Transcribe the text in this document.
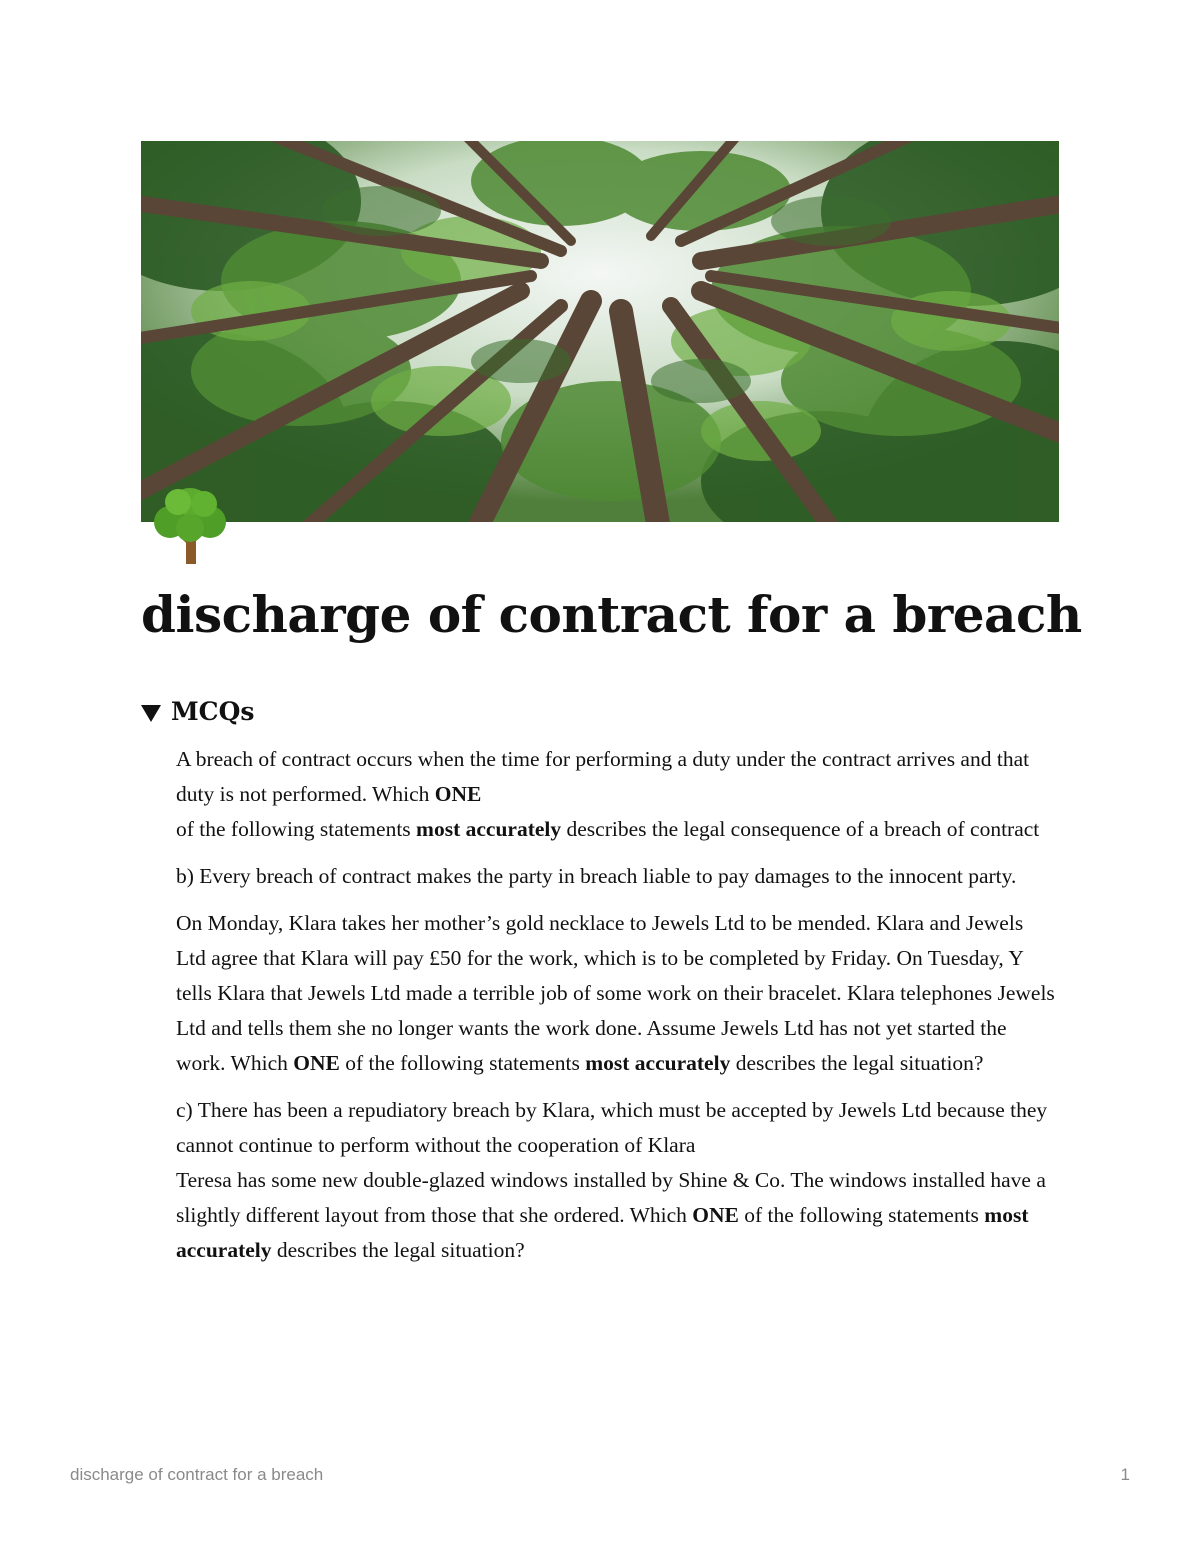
discharge of contract for a breach
MCQs

A breach of contract occurs when the time for performing a duty under the contract arrives and that duty is not performed. Which ONE
of the following statements most accurately describes the legal consequence of a breach of contract

b) Every breach of contract makes the party in breach liable to pay damages to the innocent party.

On Monday, Klara takes her mother’s gold necklace to Jewels Ltd to be mended. Klara and Jewels Ltd agree that Klara will pay £50 for the work, which is to be completed by Friday. On Tuesday, Y tells Klara that Jewels Ltd made a terrible job of some work on their bracelet. Klara telephones Jewels Ltd and tells them she no longer wants the work done. Assume Jewels Ltd has not yet started the work. Which ONE of the following statements most accurately describes the legal situation?

c) There has been a repudiatory breach by Klara, which must be accepted by Jewels Ltd because they cannot continue to perform without the cooperation of Klara

Teresa has some new double-glazed windows installed by Shine & Co. The windows installed have a slightly different layout from those that she ordered. Which ONE of the following statements most accurately describes the legal situation?

discharge of contract for a breach	1
